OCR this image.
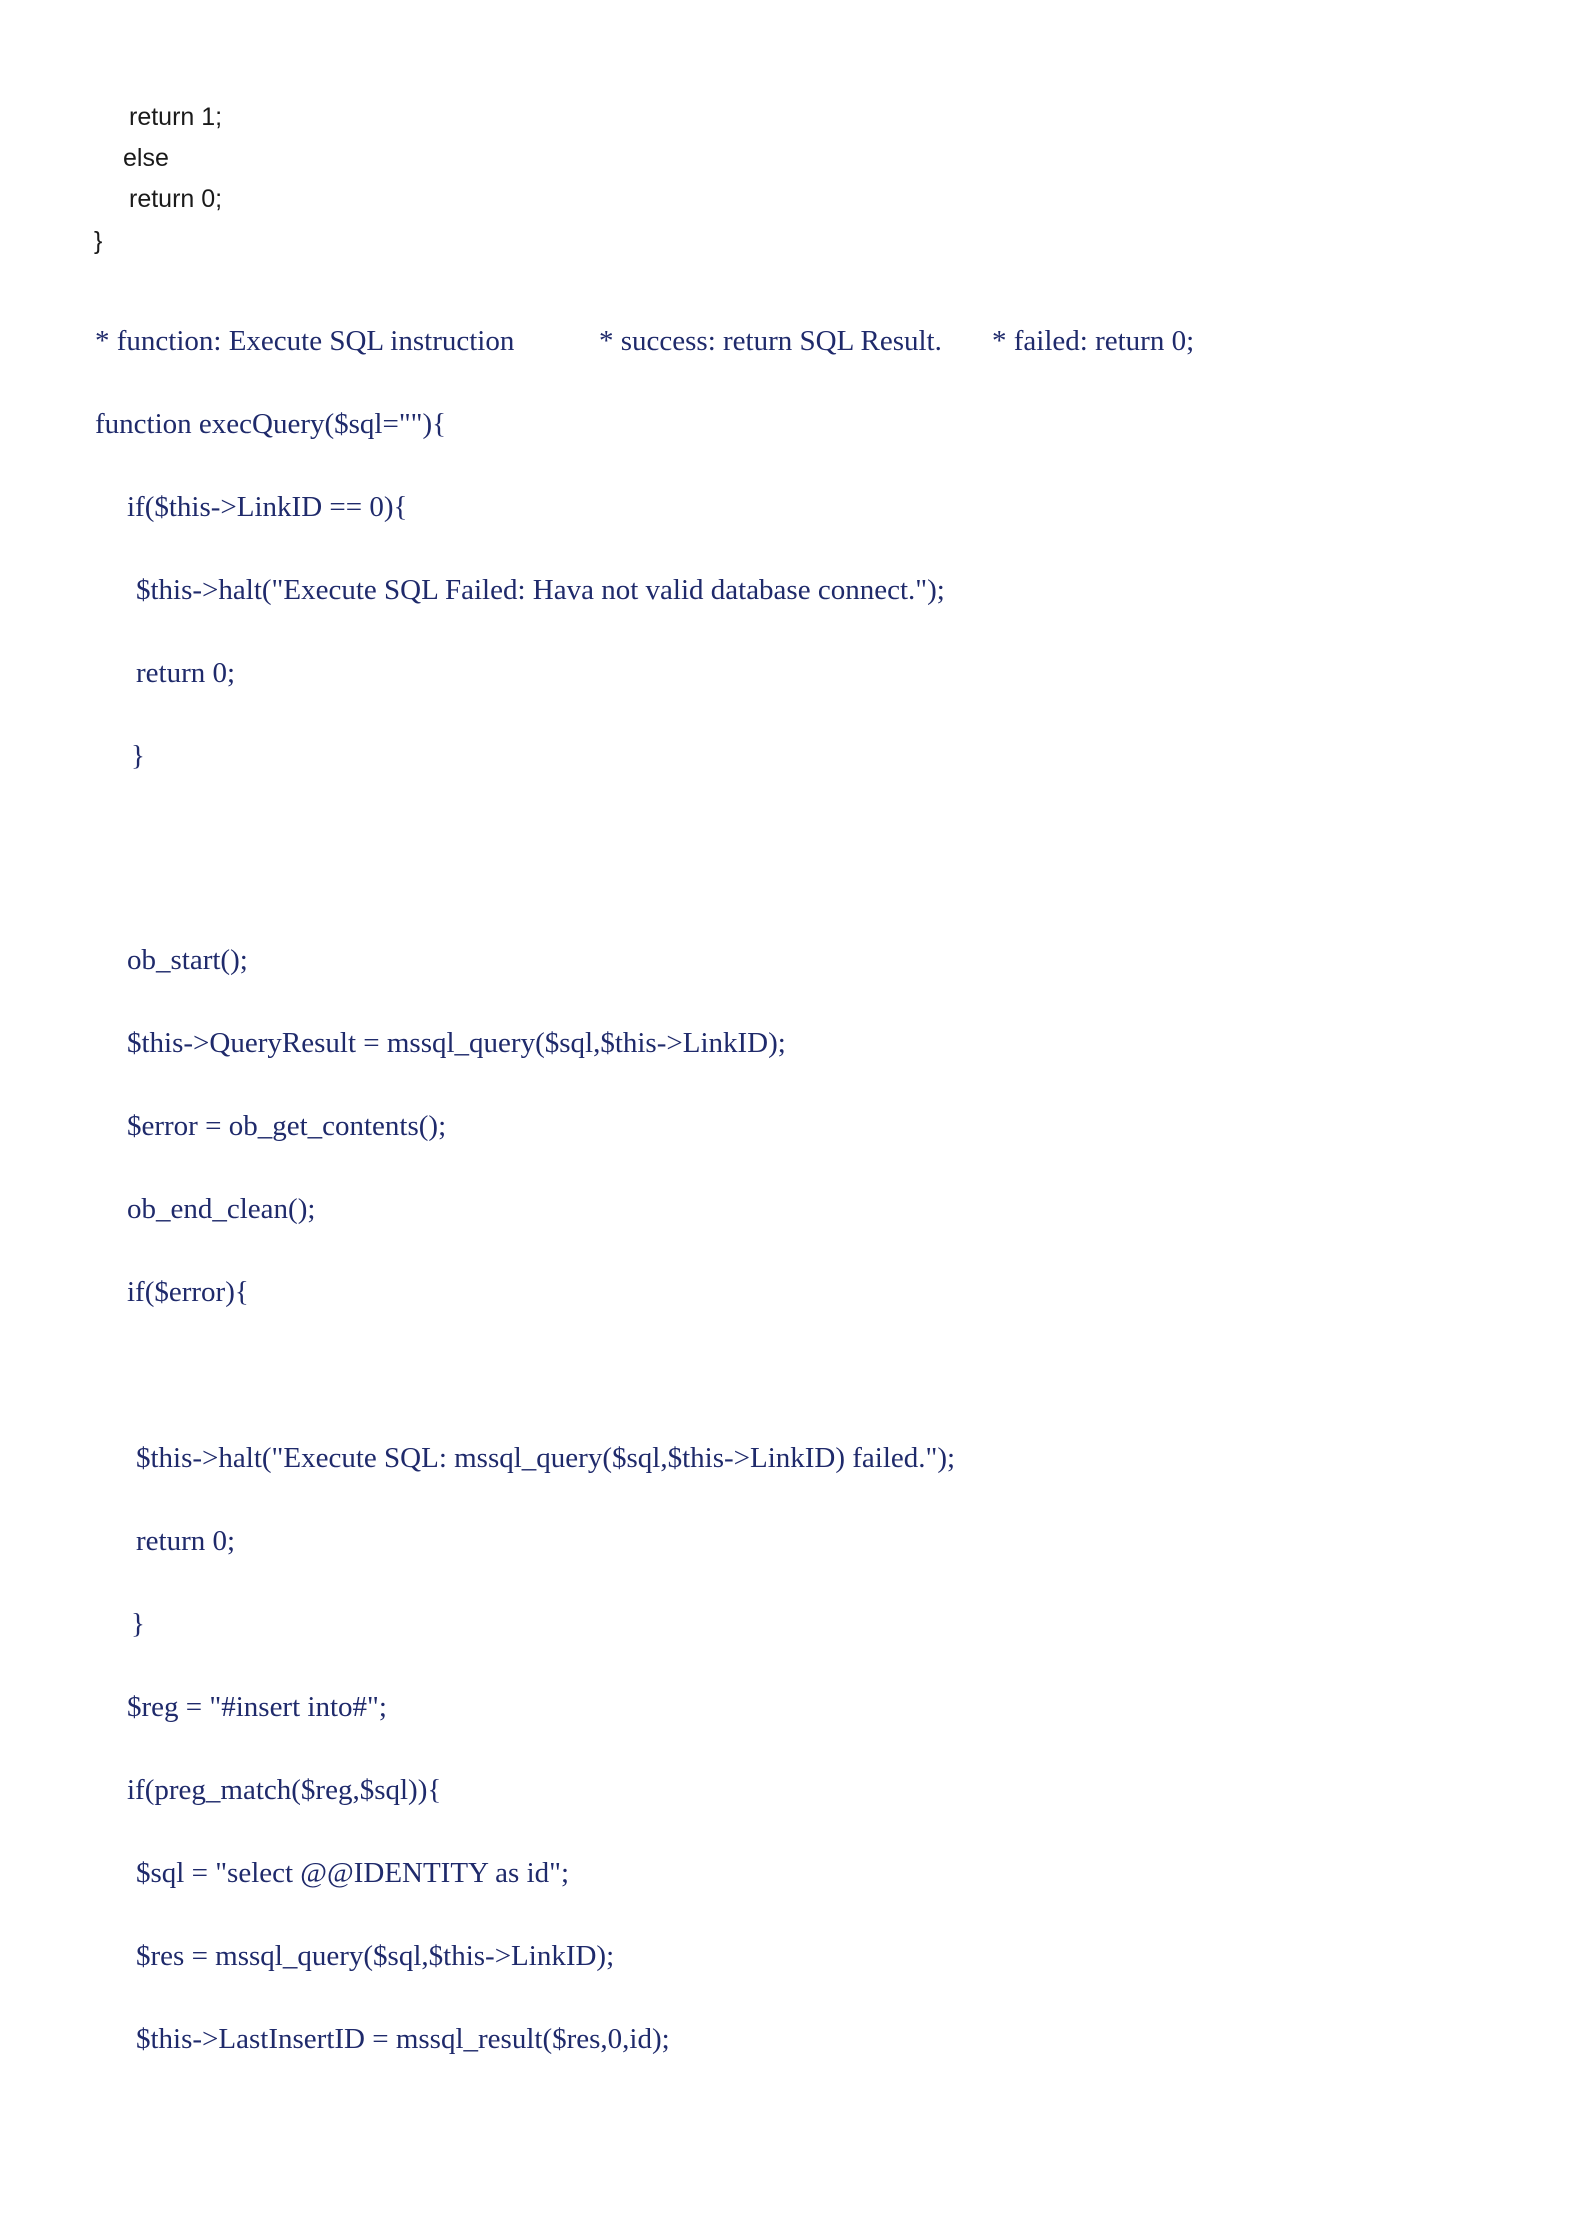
return 1;
else
return 0;
}
* function: Execute SQL instruction	* success: return SQL Result. * failed: return 0;
function execQuery($sql=""){
if($this->LinkID == 0){
$this->halt("Execute SQL Failed: Hava not valid database connect.");
return 0;
}
ob_start();
$this->QueryResult = mssql_query($sql,$this->LinkID);
$error = ob_get_contents();
ob_end_clean();
if($error){
$this->halt("Execute SQL: mssql_query($sql,$this->LinkID) failed.");
return 0;
}
$reg = "#insert into#";
if(preg_match($reg,$sql)){
$sql = "select @@IDENTITY as id";
$res = mssql_query($sql,$this->LinkID);
$this->LastInsertID = mssql_result($res,0,id);
